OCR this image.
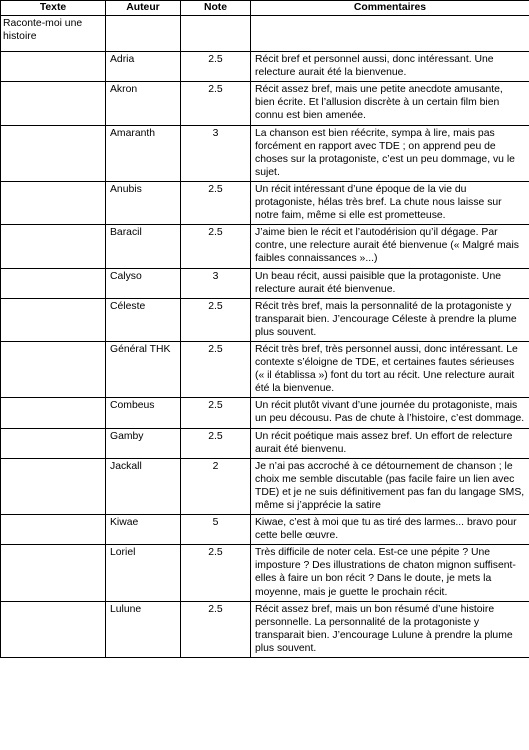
Texte	Auteur	Note	Commentaires
Raconte-moi une histoire			
	Adria	2.5	Récit bref et personnel aussi, donc intéressant. Une relecture aurait été la bienvenue.
	Akron	2.5	Récit assez bref, mais une petite anecdote amusante, bien écrite. Et l’allusion discrète à un certain film bien connu est bien amenée.
	Amaranth	3	La chanson est bien réécrite, sympa à lire, mais pas forcément en rapport avec TDE ; on apprend peu de choses sur la protagoniste, c’est un peu dommage, vu le sujet.
	Anubis	2.5	Un récit intéressant d’une époque de la vie du protagoniste, hélas très bref. La chute nous laisse sur notre faim, même si elle est prometteuse.
	Baracil	2.5	J’aime bien le récit et l’autodérision qu’il dégage. Par contre, une relecture aurait été bienvenue (« Malgré mais faibles connaissances »...)
	Calyso	3	Un beau récit, aussi paisible que la protagoniste. Une relecture aurait été bienvenue.
	Céleste	2.5	Récit très bref, mais la personnalité de la protagoniste y transparait bien. J’encourage Céleste à prendre la plume plus souvent.
	Général THK	2.5	Récit très bref, très personnel aussi, donc intéressant. Le contexte s’éloigne de TDE, et certaines fautes sérieuses (« il établissa ») font du tort au récit. Une relecture aurait été la bienvenue.
	Combeus	2.5	Un récit plutôt vivant d’une journée du protagoniste, mais un peu décousu. Pas de chute à l’histoire, c’est dommage.
	Gamby	2.5	Un récit poétique mais assez bref. Un effort de relecture aurait été bienvenu.
	Jackall	2	Je n’ai pas accroché à ce détournement de chanson ; le choix me semble discutable (pas facile faire un lien avec TDE) et je ne suis définitivement pas fan du langage SMS, même si j’apprécie la satire
	Kiwae	5	Kiwae, c’est à moi que tu as tiré des larmes... bravo pour cette belle œuvre.
	Loriel	2.5	Très difficile de noter cela. Est-ce une pépite ? Une imposture ? Des illustrations de chaton mignon suffisent-elles à faire un bon récit ? Dans le doute, je mets la moyenne, mais je guette le prochain récit.
	Lulune	2.5	Récit assez bref, mais un bon résumé d’une histoire personnelle. La personnalité de la protagoniste y transparait bien. J’encourage Lulune à prendre la plume plus souvent.
